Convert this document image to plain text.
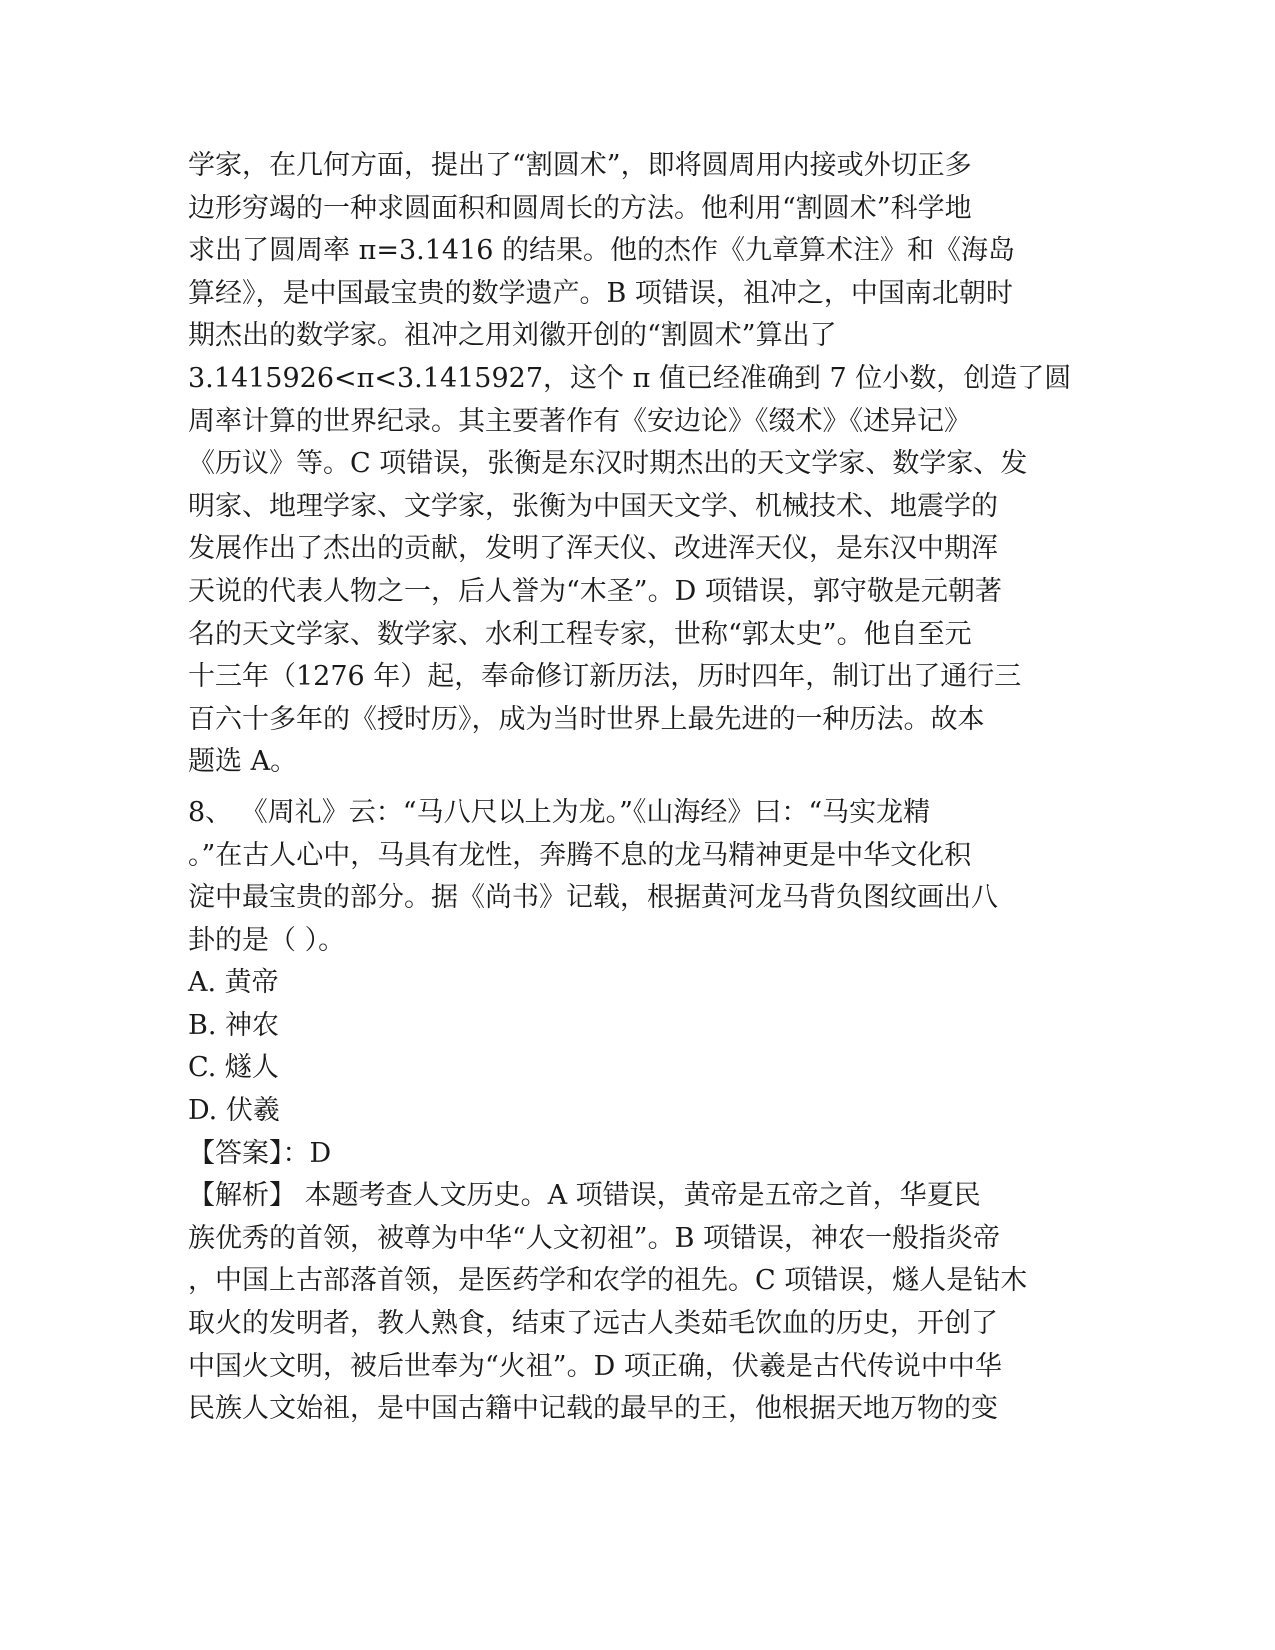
学家，在几何方面，提出了“割圆术”，即将圆周用内接或外切正多
边形穷竭的一种求圆面积和圆周长的方法。他利用“割圆术”科学地
求出了圆周率 π=3.1416 的结果。他的杰作《九章算术注》和《海岛
算经》，是中国最宝贵的数学遗产。B 项错误，祖冲之，中国南北朝时
期杰出的数学家。祖冲之用刘徽开创的“割圆术”算出了
3.1415926<π<3.1415927，这个 π 值已经准确到 7 位小数，创造了圆
周率计算的世界纪录。其主要著作有《安边论》《缀术》《述异记》
《历议》等。C 项错误，张衡是东汉时期杰出的天文学家、数学家、发
明家、地理学家、文学家，张衡为中国天文学、机械技术、地震学的
发展作出了杰出的贡献，发明了浑天仪、改进浑天仪，是东汉中期浑
天说的代表人物之一，后人誉为“木圣”。D 项错误，郭守敬是元朝著
名的天文学家、数学家、水利工程专家，世称“郭太史”。他自至元
十三年（1276 年）起，奉命修订新历法，历时四年，制订出了通行三
百六十多年的《授时历》，成为当时世界上最先进的一种历法。故本
题选 A。
8、 《周礼》云：“马八尺以上为龙。”《山海经》曰：“马实龙精
。”在古人心中，马具有龙性，奔腾不息的龙马精神更是中华文化积
淀中最宝贵的部分。据《尚书》记载，根据黄河龙马背负图纹画出八
卦的是（ ）。
A. 黄帝
B. 神农
C. 燧人
D. 伏羲
【答案】：D
【解析】 本题考查人文历史。A 项错误，黄帝是五帝之首，华夏民
族优秀的首领，被尊为中华“人文初祖”。B 项错误，神农一般指炎帝
，中国上古部落首领，是医药学和农学的祖先。C 项错误，燧人是钻木
取火的发明者，教人熟食，结束了远古人类茹毛饮血的历史，开创了
中国火文明，被后世奉为“火祖”。D 项正确，伏羲是古代传说中中华
民族人文始祖，是中国古籍中记载的最早的王，他根据天地万物的变
